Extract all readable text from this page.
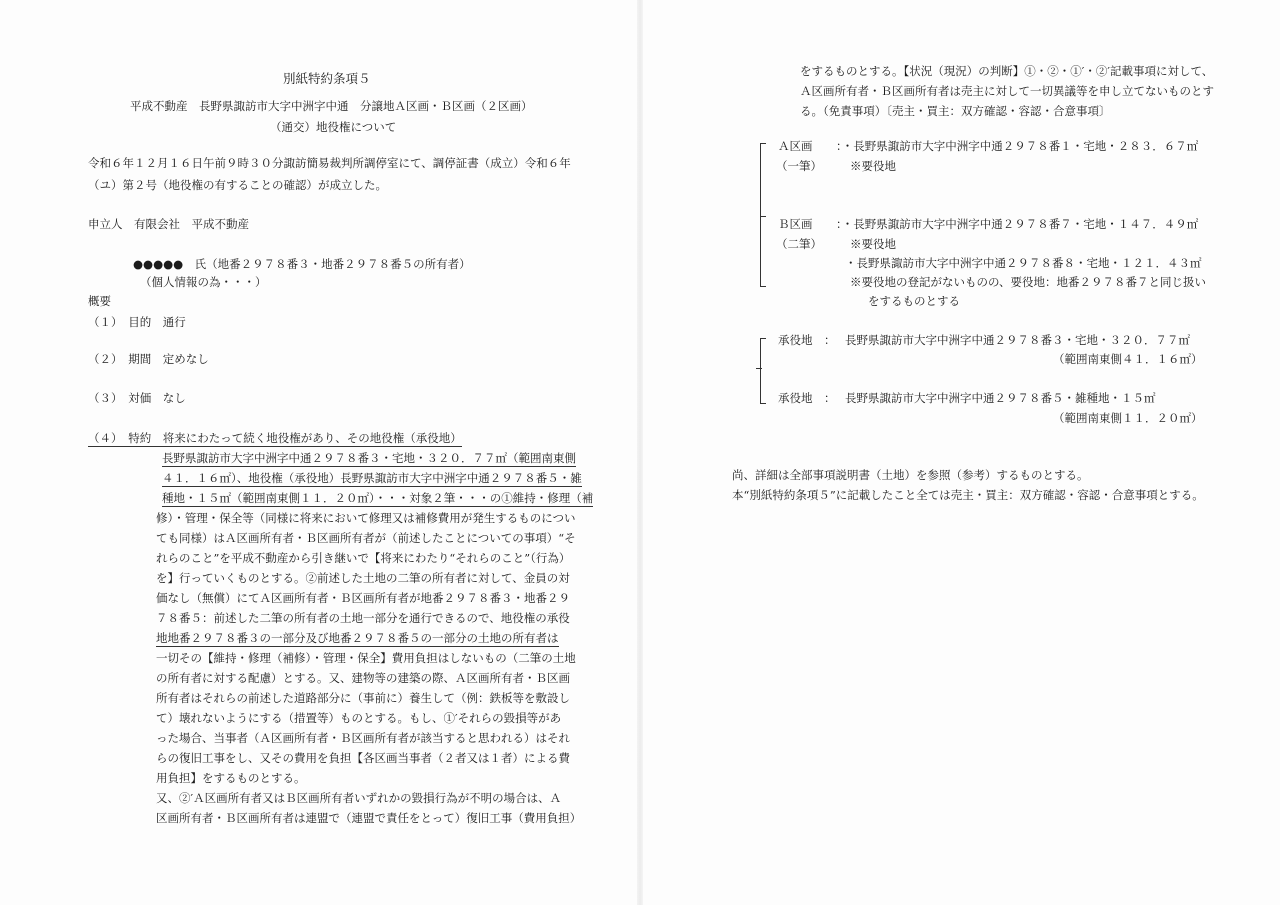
別紙特約条項５
平成不動産　長野県諏訪市大字中洲字中通　分譲地Ａ区画・Ｂ区画（２区画）
（通交）地役権について
令和６年１２月１６日午前９時３０分諏訪簡易裁判所調停室にて、調停証書（成立）令和６年
（ユ）第２号（地役権の有することの確認）が成立した。
申立人　有限会社　平成不動産
●●●●●　氏（地番２９７８番３・地番２９７８番５の所有者）
（個人情報の為・・・）
概要
（１）　目的　通行
（２）　期間　定めなし
（３）　対価　なし
（４）　特約　将来にわたって続く地役権があり、その地役権（承役地）
長野県諏訪市大字中洲字中通２９７８番３・宅地・３２０．７７㎡（範囲南東側
４１．１６㎡）、地役権（承役地）長野県諏訪市大字中洲字中通２９７８番５・雑
種地・１５㎡（範囲南東側１１．２０㎡）・・・対象２筆・・・の①維持・修理（補
修）・管理・保全等（同様に将来において修理又は補修費用が発生するものについ
ても同様）はＡ区画所有者・Ｂ区画所有者が（前述したことについての事項）“そ
れらのこと”を平成不動産から引き継いで【将来にわたり“それらのこと”（行為）
を】行っていくものとする。②前述した土地の二筆の所有者に対して、金員の対
価なし（無償）にてＡ区画所有者・Ｂ区画所有者が地番２９７８番３・地番２９
７８番５：前述した二筆の所有者の土地一部分を通行できるので、地役権の承役
地地番２９７８番３の一部分及び地番２９７８番５の一部分の土地の所有者は
一切その【維持・修理（補修）・管理・保全】費用負担はしないもの（二筆の土地
の所有者に対する配慮）とする。又、建物等の建築の際、Ａ区画所有者・Ｂ区画
所有者はそれらの前述した道路部分に（事前に）養生して（例：鉄板等を敷設し
て）壊れないようにする（措置等）ものとする。もし、①′それらの毀損等があ
った場合、当事者（Ａ区画所有者・Ｂ区画所有者が該当すると思われる）はそれ
らの復旧工事をし、又その費用を負担【各区画当事者（２者又は１者）による費
用負担】をするものとする。
又、②′Ａ区画所有者又はＢ区画所有者いずれかの毀損行為が不明の場合は、Ａ
区画所有者・Ｂ区画所有者は連盟で（連盟で責任をとって）復旧工事（費用負担）
をするものとする。【状況（現況）の判断】①・②・①′・②′記載事項に対して、
Ａ区画所有者・Ｂ区画所有者は売主に対して一切異議等を申し立てないものとす
る。（免責事項）〔売主・買主：双方確認・容認・合意事項〕
Ａ区画
（一筆）
：・長野県諏訪市大字中洲字中通２９７８番１・宅地・２８３．６７㎡
※要役地
Ｂ区画
（二筆）
：・長野県諏訪市大字中洲字中通２９７８番７・宅地・１４７．４９㎡
※要役地
・長野県諏訪市大字中洲字中通２９７８番８・宅地・１２１．４３㎡
※要役地の登記がないものの、要役地：地番２９７８番７と同じ扱い
をするものとする
承役地　： 長野県諏訪市大字中洲字中通２９７８番３・宅地・３２０．７７㎡
（範囲南東側４１．１６㎡）
承役地　： 長野県諏訪市大字中洲字中通２９７８番５・雑種地・１５㎡
（範囲南東側１１．２０㎡）
尚、詳細は全部事項説明書（土地）を参照（参考）するものとする。
本“別紙特約条項５”に記載したこと全ては売主・買主：双方確認・容認・合意事項とする。
